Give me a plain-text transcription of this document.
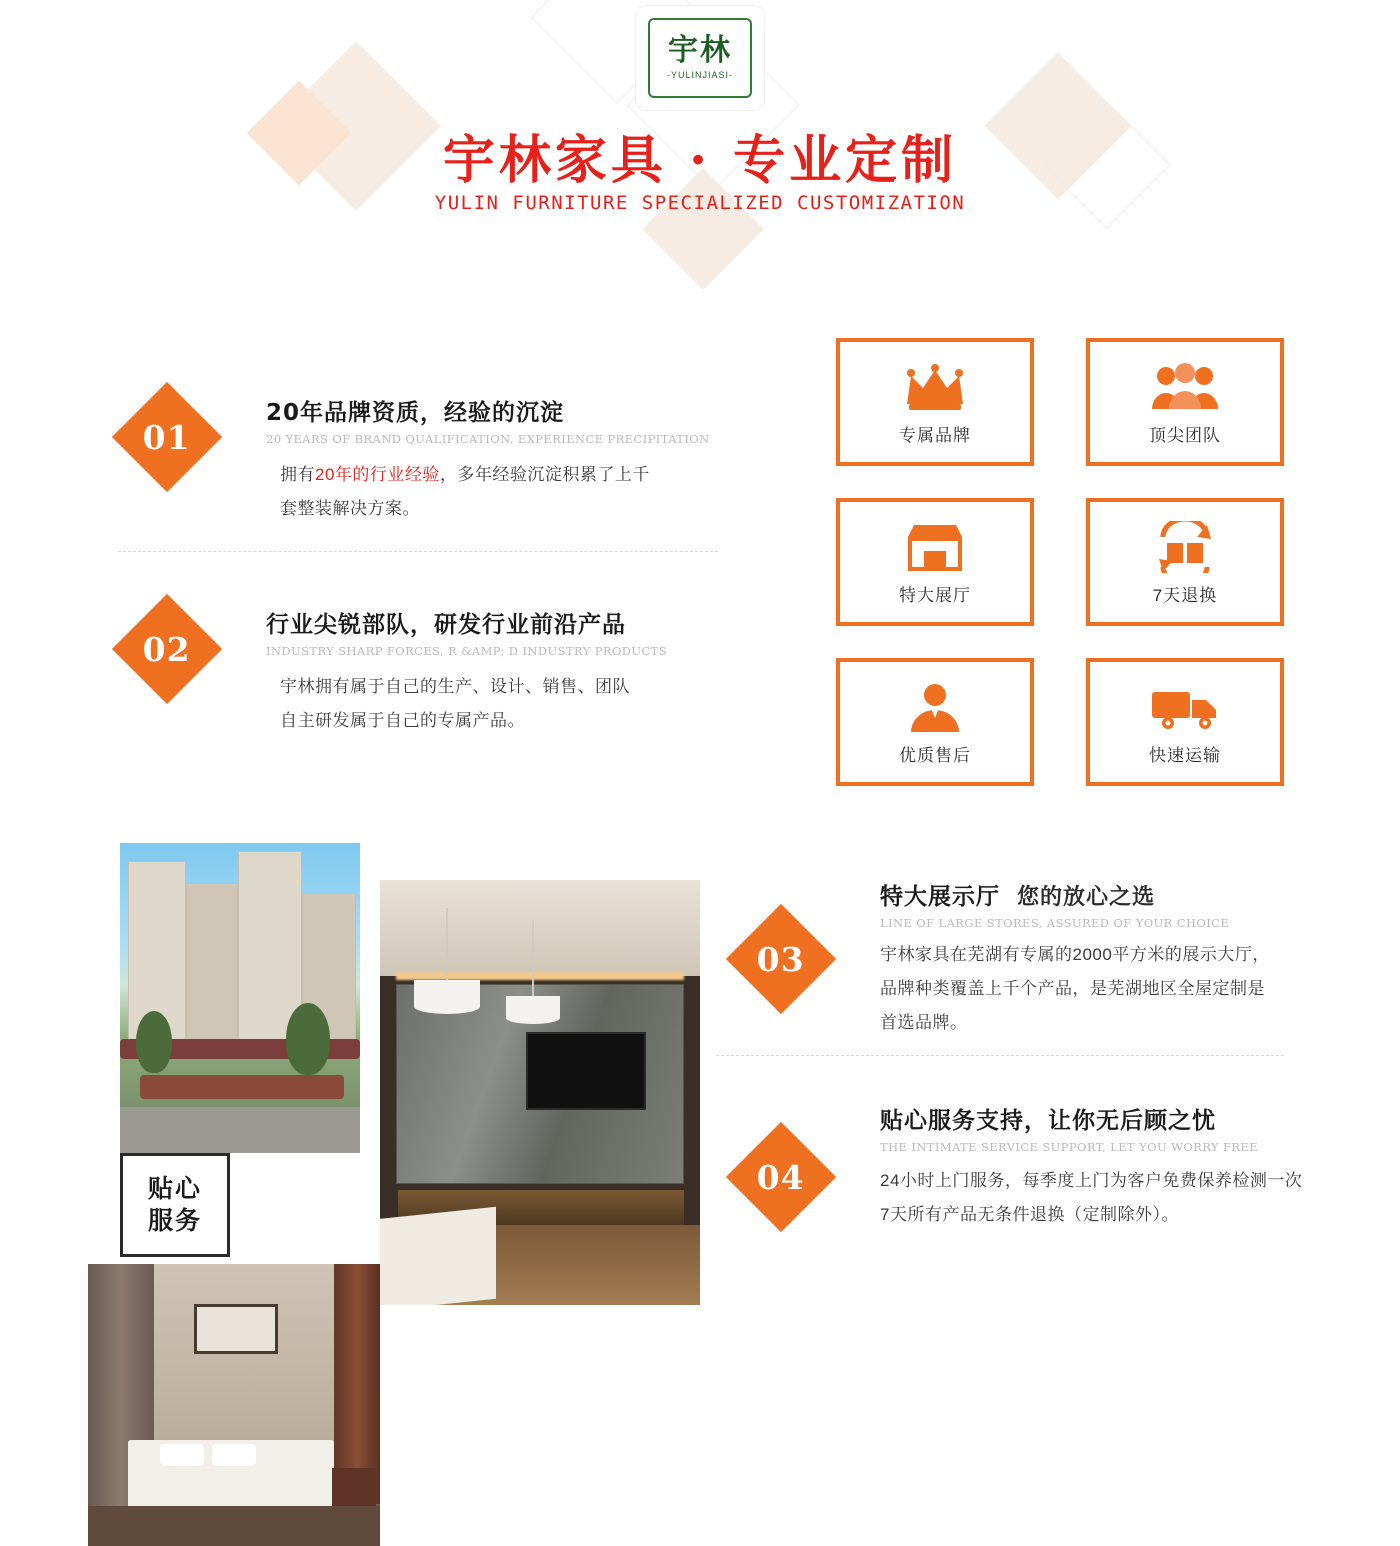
宇林
-YULINJIASI-
宇林家具 · 专业定制
YULIN FURNITURE SPECIALIZED CUSTOMIZATION
01
20年品牌资质，经验的沉淀
20 YEARS OF BRAND QUALIFICATION, EXPERIENCE PRECIPITATION
拥有20年的行业经验，多年经验沉淀积累了上千
套整装解决方案。
02
行业尖锐部队，研发行业前沿产品
INDUSTRY SHARP FORCES, R &AMP; D INDUSTRY PRODUCTS
宇林拥有属于自己的生产、设计、销售、团队
自主研发属于自己的专属产品。
专属品牌	顶尖团队
特大展厅	7天退换
优质售后	快速运输
贴心
服务
03
特大展示厅 您的放心之选
LINE OF LARGE STORES, ASSURED OF YOUR CHOICE
宇林家具在芜湖有专属的2000平方米的展示大厅，
品牌种类覆盖上千个产品，是芜湖地区全屋定制是
首选品牌。
04
贴心服务支持，让你无后顾之忧
THE INTIMATE SERVICE SUPPORT, LET YOU WORRY FREE
24小时上门服务，每季度上门为客户免费保养检测一次
7天所有产品无条件退换（定制除外）。
